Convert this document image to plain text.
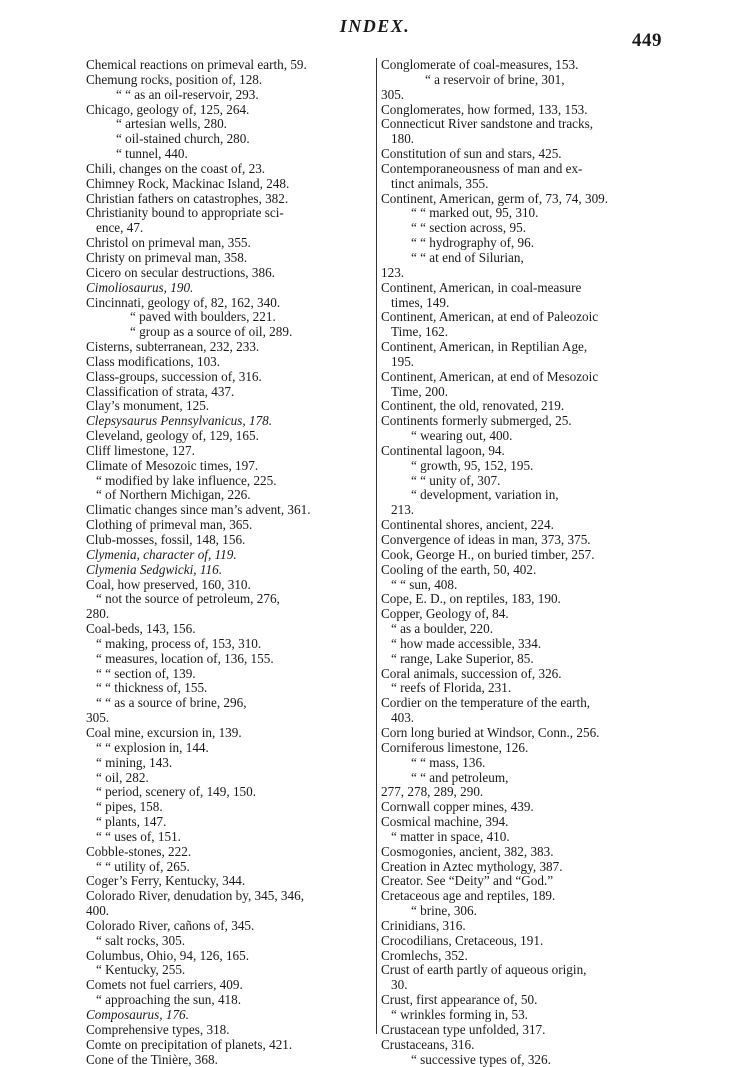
INDEX.
449
Chemical reactions on primeval earth, 59.
Chemung rocks, position of, 128.
“ “ as an oil-reservoir, 293.
Chicago, geology of, 125, 264.
“ artesian wells, 280.
“ oil-stained church, 280.
“ tunnel, 440.
Chili, changes on the coast of, 23.
Chimney Rock, Mackinac Island, 248.
Christian fathers on catastrophes, 382.
Christianity bound to appropriate sci-
ence, 47.
Christol on primeval man, 355.
Christy on primeval man, 358.
Cicero on secular destructions, 386.
Cimoliosaurus, 190.
Cincinnati, geology of, 82, 162, 340.
“ paved with boulders, 221.
“ group as a source of oil, 289.
Cisterns, subterranean, 232, 233.
Class modifications, 103.
Class-groups, succession of, 316.
Classification of strata, 437.
Clay’s monument, 125.
Clepsysaurus Pennsylvanicus, 178.
Cleveland, geology of, 129, 165.
Cliff limestone, 127.
Climate of Mesozoic times, 197.
“ modified by lake influence, 225.
“ of Northern Michigan, 226.
Climatic changes since man’s advent, 361.
Clothing of primeval man, 365.
Club-mosses, fossil, 148, 156.
Clymenia, character of, 119.
Clymenia Sedgwicki, 116.
Coal, how preserved, 160, 310.
“ not the source of petroleum, 276,
280.
Coal-beds, 143, 156.
“ making, process of, 153, 310.
“ measures, location of, 136, 155.
“ “ section of, 139.
“ “ thickness of, 155.
“ “ as a source of brine, 296,
305.
Coal mine, excursion in, 139.
“ “ explosion in, 144.
“ mining, 143.
“ oil, 282.
“ period, scenery of, 149, 150.
“ pipes, 158.
“ plants, 147.
“ “ uses of, 151.
Cobble-stones, 222.
“ “ utility of, 265.
Coger’s Ferry, Kentucky, 344.
Colorado River, denudation by, 345, 346,
400.
Colorado River, cañons of, 345.
“ salt rocks, 305.
Columbus, Ohio, 94, 126, 165.
“ Kentucky, 255.
Comets not fuel carriers, 409.
“ approaching the sun, 418.
Composaurus, 176.
Comprehensive types, 318.
Comte on precipitation of planets, 421.
Cone of the Tinière, 368.
Conglomerate of coal-measures, 153.
“ a reservoir of brine, 301,
305.
Conglomerates, how formed, 133, 153.
Connecticut River sandstone and tracks,
180.
Constitution of sun and stars, 425.
Contemporaneousness of man and ex-
tinct animals, 355.
Continent, American, germ of, 73, 74, 309.
“ “ marked out, 95, 310.
“ “ section across, 95.
“ “ hydrography of, 96.
“ “ at end of Silurian,
123.
Continent, American, in coal-measure
times, 149.
Continent, American, at end of Paleozoic
Time, 162.
Continent, American, in Reptilian Age,
195.
Continent, American, at end of Mesozoic
Time, 200.
Continent, the old, renovated, 219.
Continents formerly submerged, 25.
“ wearing out, 400.
Continental lagoon, 94.
“ growth, 95, 152, 195.
“ “ unity of, 307.
“ development, variation in,
213.
Continental shores, ancient, 224.
Convergence of ideas in man, 373, 375.
Cook, George H., on buried timber, 257.
Cooling of the earth, 50, 402.
“ “ sun, 408.
Cope, E. D., on reptiles, 183, 190.
Copper, Geology of, 84.
“ as a boulder, 220.
“ how made accessible, 334.
“ range, Lake Superior, 85.
Coral animals, succession of, 326.
“ reefs of Florida, 231.
Cordier on the temperature of the earth,
403.
Corn long buried at Windsor, Conn., 256.
Corniferous limestone, 126.
“ “ mass, 136.
“ “ and petroleum,
277, 278, 289, 290.
Cornwall copper mines, 439.
Cosmical machine, 394.
“ matter in space, 410.
Cosmogonies, ancient, 382, 383.
Creation in Aztec mythology, 387.
Creator. See “Deity” and “God.”
Cretaceous age and reptiles, 189.
“ brine, 306.
Crinidians, 316.
Crocodilians, Cretaceous, 191.
Cromlechs, 352.
Crust of earth partly of aqueous origin,
30.
Crust, first appearance of, 50.
“ wrinkles forming in, 53.
Crustacean type unfolded, 317.
Crustaceans, 316.
“ successive types of, 326.
